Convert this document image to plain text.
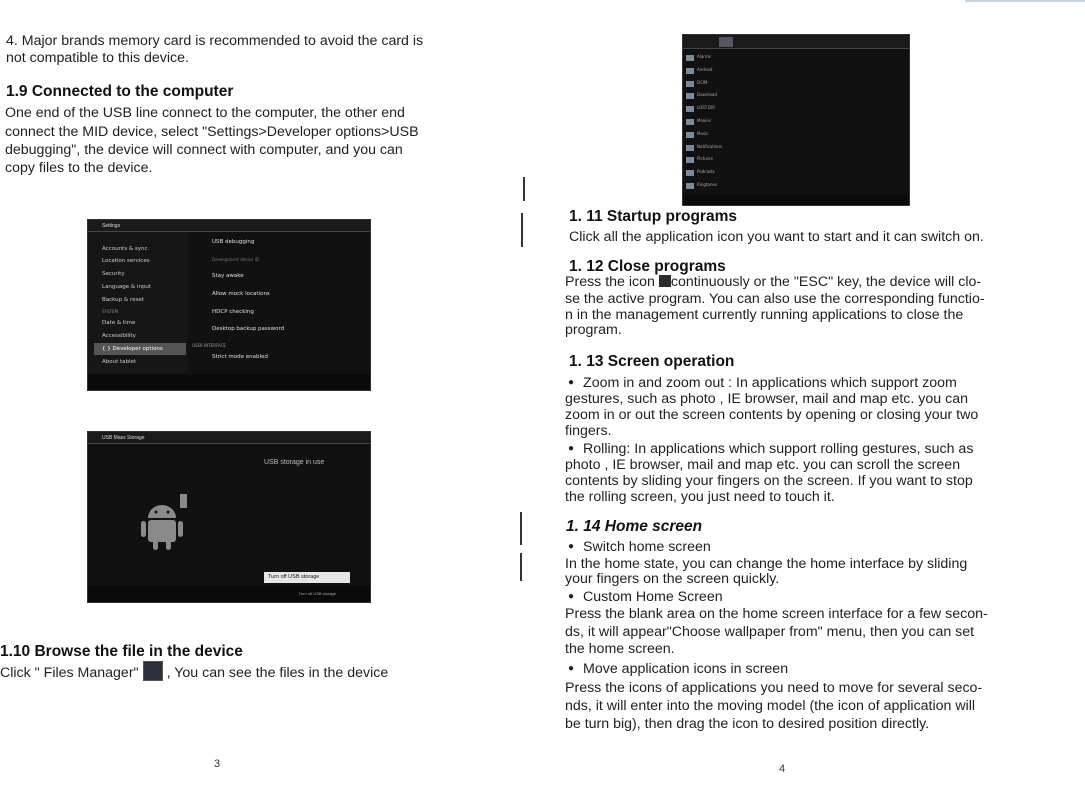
4. Major brands memory card is recommended to avoid the card is
not compatible to this device.
1.9 Connected to the computer
One end of the USB line connect to the computer, the other end
connect the MID device, select "Settings>Developer options>USB
debugging", the device will connect with computer, and you can
copy files to the device.
Settings
Accounts & sync
Location services
Security
Language & input
Backup & reset
SYSTEM
Date & time
Accessibility
{ } Developer options
About tablet
USB debugging
Development device ID
Stay awake
Allow mock locations
HDCP checking
Desktop backup password
USER INTERFACE
Strict mode enabled
USB Mass Storage
USB storage in use
Turn off USB storage
Turn off USB storage
1.10 Browse the file in the device
Click " Files Manager" , You can see the files in the device
3
Alarms
Android
DCIM
Download
LOST.DIR
Movies
Music
Notifications
Pictures
Podcasts
Ringtones
1. 11 Startup programs
Click all the application icon you want to start and it can switch on.
1. 12 Close programs
Press the icon continuously or the "ESC" key, the device will clo-
se the active program. You can also use the corresponding functio-
n in the management currently running applications to close the
program.
1. 13 Screen operation
● Zoom in and zoom out : In applications which support zoom
gestures, such as photo , IE browser, mail and map etc. you can
zoom in or out the screen contents by opening or closing your two
fingers.
● Rolling: In applications which support rolling gestures, such as
photo , IE browser, mail and map etc. you can scroll the screen
contents by sliding your fingers on the screen. If you want to stop
the rolling screen, you just need to touch it.
1. 14 Home screen
● Switch home screen
In the home state, you can change the home interface by sliding
your fingers on the screen quickly.
● Custom Home Screen
Press the blank area on the home screen interface for a few secon-
ds, it will appear"Choose wallpaper from" menu, then you can set
the home screen.
● Move application icons in screen
Press the icons of applications you need to move for several seco-
nds, it will enter into the moving model (the icon of application will
be turn big), then drag the icon to desired position directly.
4
